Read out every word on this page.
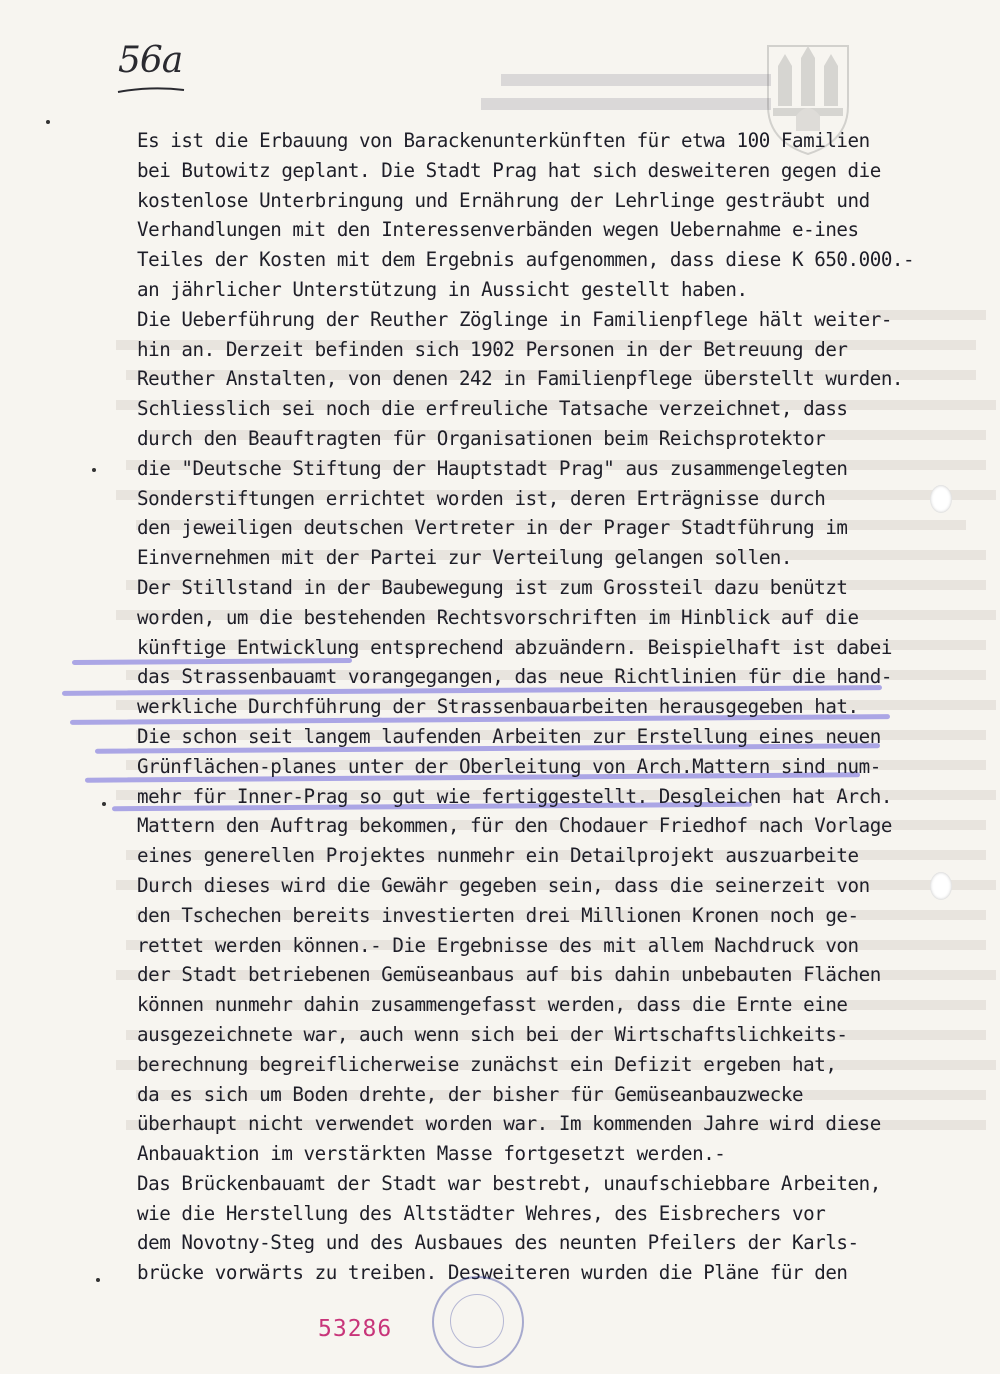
56a
Es ist die Erbauung von Barackenunterkünften für etwa 100 Familien
bei Butowitz geplant. Die Stadt Prag hat sich desweiteren gegen die
kostenlose Unterbringung und Ernährung der Lehrlinge gesträubt und
Verhandlungen mit den Interessenverbänden wegen Uebernahme e-ines
Teiles der Kosten mit dem Ergebnis aufgenommen, dass diese K 650.000.-
an jährlicher Unterstützung in Aussicht gestellt haben.
Die Ueberführung der Reuther Zöglinge in Familienpflege hält weiter-
hin an. Derzeit befinden sich 1902 Personen in der Betreuung der
Reuther Anstalten, von denen 242 in Familienpflege überstellt wurden.
Schliesslich sei noch die erfreuliche Tatsache verzeichnet, dass
durch den Beauftragten für Organisationen beim Reichsprotektor
die "Deutsche Stiftung der Hauptstadt Prag" aus zusammengelegten
Sonderstiftungen errichtet worden ist, deren Erträgnisse durch
den jeweiligen deutschen Vertreter in der Prager Stadtführung im
Einvernehmen mit der Partei zur Verteilung gelangen sollen.
Der Stillstand in der Baubewegung ist zum Grossteil dazu benützt
worden, um die bestehenden Rechtsvorschriften im Hinblick auf die
künftige Entwicklung entsprechend abzuändern. Beispielhaft ist dabei
das Strassenbauamt vorangegangen, das neue Richtlinien für die hand-
werkliche Durchführung der Strassenbauarbeiten herausgegeben hat.
Die schon seit langem laufenden Arbeiten zur Erstellung eines neuen
Grünflächen-planes unter der Oberleitung von Arch.Mattern sind num-
mehr für Inner-Prag so gut wie fertiggestellt. Desgleichen hat Arch.
Mattern den Auftrag bekommen, für den Chodauer Friedhof nach Vorlage
eines generellen Projektes nunmehr ein Detailprojekt auszuarbeite
Durch dieses wird die Gewähr gegeben sein, dass die seinerzeit von
den Tschechen bereits investierten drei Millionen Kronen noch ge-
rettet werden können.- Die Ergebnisse des mit allem Nachdruck von
der Stadt betriebenen Gemüseanbaus auf bis dahin unbebauten Flächen
können nunmehr dahin zusammengefasst werden, dass die Ernte eine
ausgezeichnete war, auch wenn sich bei der Wirtschaftslichkeits-
berechnung begreiflicherweise zunächst ein Defizit ergeben hat,
da es sich um Boden drehte, der bisher für Gemüseanbauzwecke
überhaupt nicht verwendet worden war. Im kommenden Jahre wird diese
Anbauaktion im verstärkten Masse fortgesetzt werden.-
Das Brückenbauamt der Stadt war bestrebt, unaufschiebbare Arbeiten,
wie die Herstellung des Altstädter Wehres, des Eisbrechers vor
dem Novotny-Steg und des Ausbaues des neunten Pfeilers der Karls-
brücke vorwärts zu treiben. Desweiteren wurden die Pläne für den
53286
